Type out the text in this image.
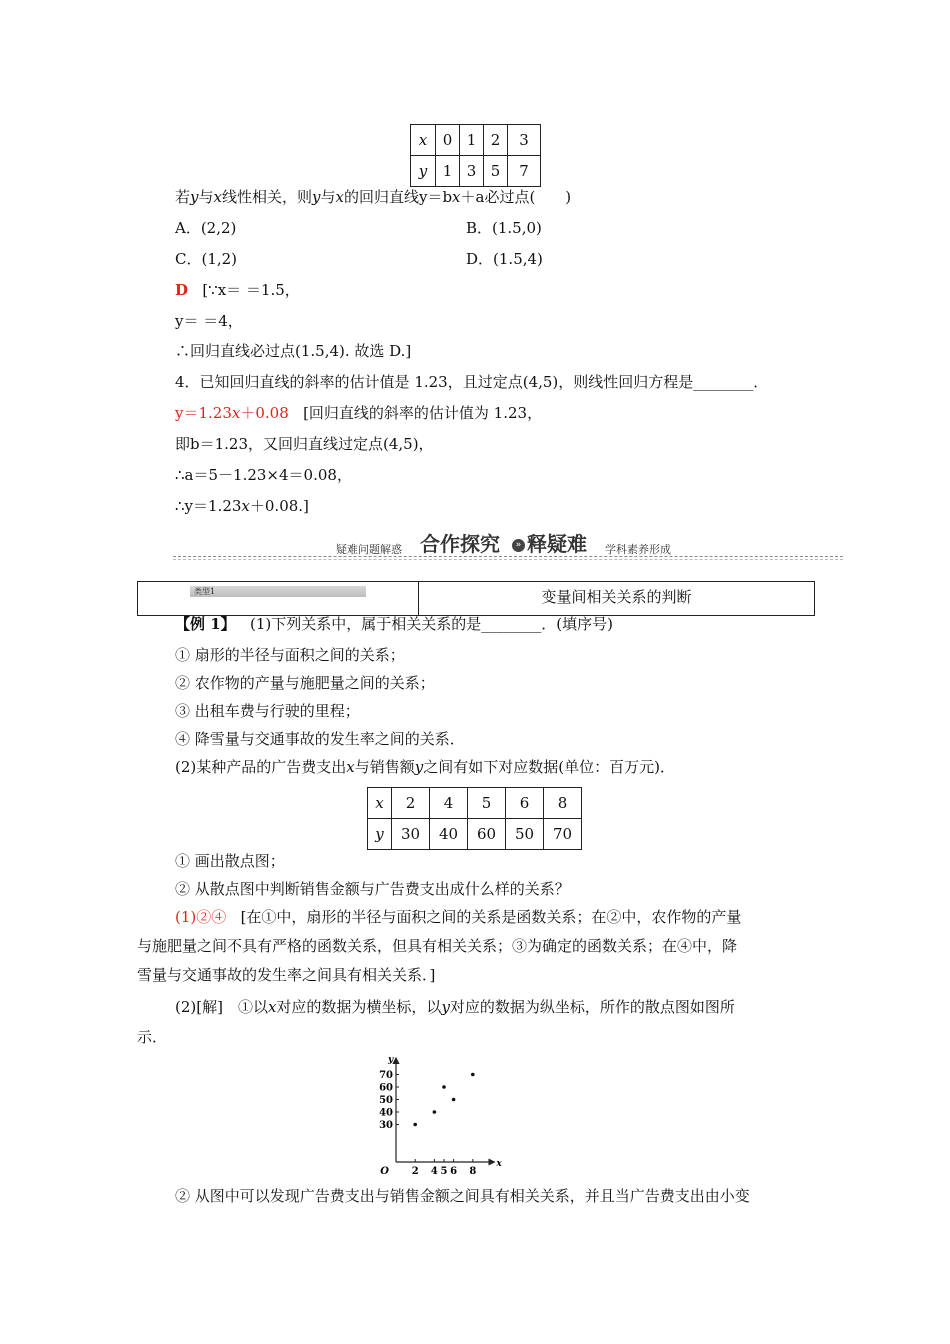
x	0	1	2	3
y	1	3	5	7
若y与x线性相关，则y与x的回归直线y＝bx＋a必过点(　　)
A．(2,2)	B．(1.5,0)
C．(1,2)	D．(1.5,4)
D [∵x＝ ＝1.5，
y＝ ＝4，
∴回归直线必过点(1.5,4). 故选 D.]
4．已知回归直线的斜率的估计值是 1.23，且过定点(4,5)，则线性回归方程是________．
y＝1.23x＋0.08 [回归直线的斜率的估计值为 1.23，
即b＝1.23，又回归直线过定点(4,5)，
∴a＝5－1.23×4＝0.08，
∴y＝1.23x＋0.08.]
疑难问题解惑 合作探究	» 释疑难 学科素养形成
类型1	变量间相关关系的判断
【例 1】 (1)下列关系中，属于相关关系的是________．(填序号)
① 扇形的半径与面积之间的关系；
② 农作物的产量与施肥量之间的关系；
③ 出租车费与行驶的里程；
④ 降雪量与交通事故的发生率之间的关系．
(2)某种产品的广告费支出x与销售额y之间有如下对应数据(单位：百万元)．
x	2	4	5	6	8
y	30	40	60	50	70
① 画出散点图；
② 从散点图中判断销售金额与广告费支出成什么样的关系？
(1)②④ [在①中，扇形的半径与面积之间的关系是函数关系；在②中，农作物的产量
与施肥量之间不具有严格的函数关系，但具有相关关系；③为确定的函数关系；在④中，降
雪量与交通事故的发生率之间具有相关关系．]
(2)[解]　①以x对应的数据为横坐标，以y对应的数据为纵坐标，所作的散点图如图所
示．
x
y
O 2 4 5 6 8
30
40
50
60
70
② 从图中可以发现广告费支出与销售金额之间具有相关关系，并且当广告费支出由小变
